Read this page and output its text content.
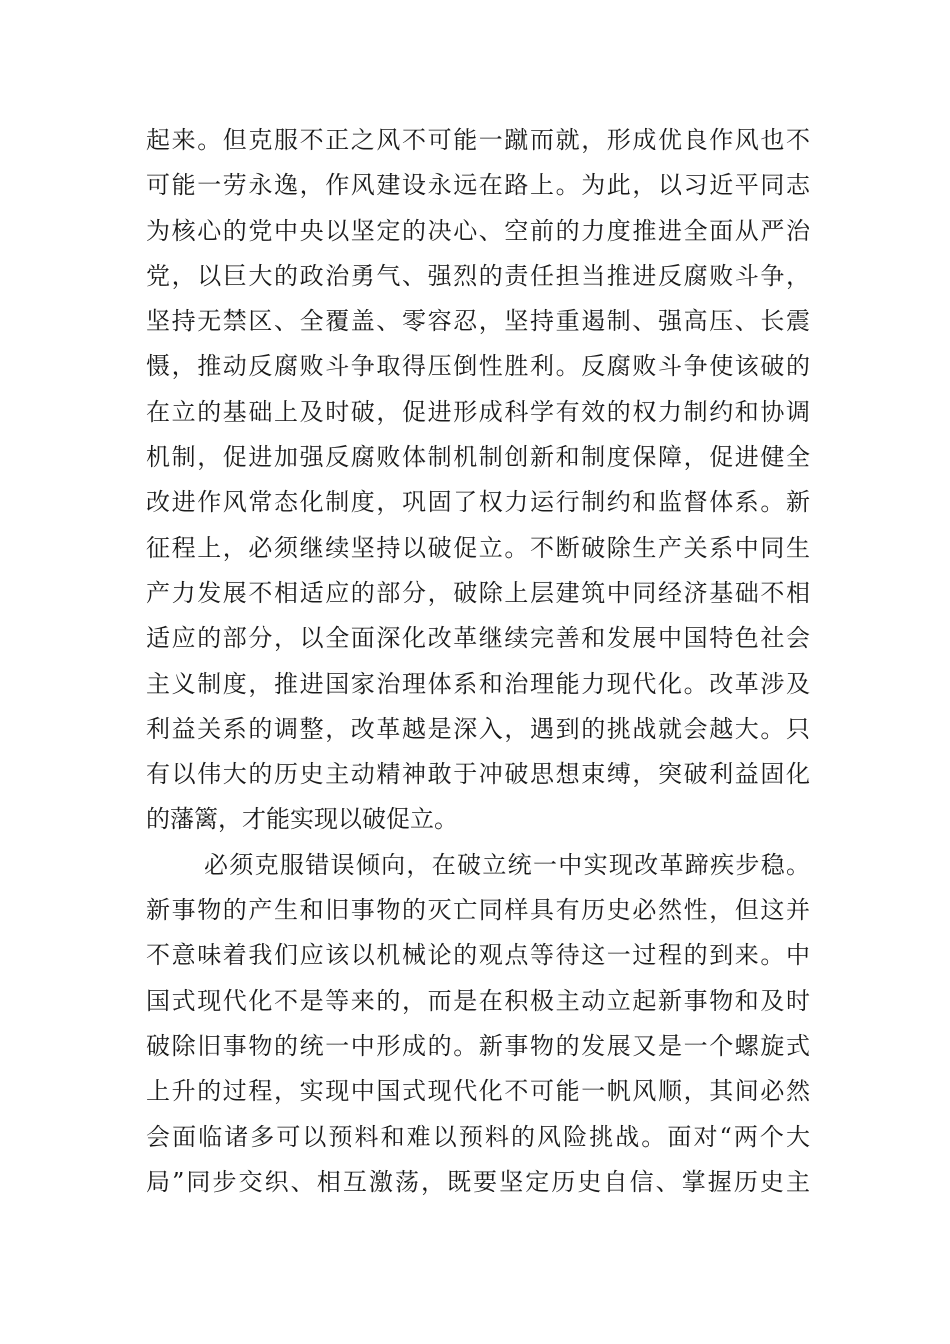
起来。但克服不正之风不可能一蹴而就，形成优良作风也不
可能一劳永逸，作风建设永远在路上。为此，以习近平同志
为核心的党中央以坚定的决心、空前的力度推进全面从严治
党，以巨大的政治勇气、强烈的责任担当推进反腐败斗争，
坚持无禁区、全覆盖、零容忍，坚持重遏制、强高压、长震
慑，推动反腐败斗争取得压倒性胜利。反腐败斗争使该破的
在立的基础上及时破，促进形成科学有效的权力制约和协调
机制，促进加强反腐败体制机制创新和制度保障，促进健全
改进作风常态化制度，巩固了权力运行制约和监督体系。新
征程上，必须继续坚持以破促立。不断破除生产关系中同生
产力发展不相适应的部分，破除上层建筑中同经济基础不相
适应的部分，以全面深化改革继续完善和发展中国特色社会
主义制度，推进国家治理体系和治理能力现代化。改革涉及
利益关系的调整，改革越是深入，遇到的挑战就会越大。只
有以伟大的历史主动精神敢于冲破思想束缚，突破利益固化
的藩篱，才能实现以破促立。
必须克服错误倾向，在破立统一中实现改革蹄疾步稳。
新事物的产生和旧事物的灭亡同样具有历史必然性，但这并
不意味着我们应该以机械论的观点等待这一过程的到来。中
国式现代化不是等来的，而是在积极主动立起新事物和及时
破除旧事物的统一中形成的。新事物的发展又是一个螺旋式
上升的过程，实现中国式现代化不可能一帆风顺，其间必然
会面临诸多可以预料和难以预料的风险挑战。面对“两个大
局”同步交织、相互激荡，既要坚定历史自信、掌握历史主
